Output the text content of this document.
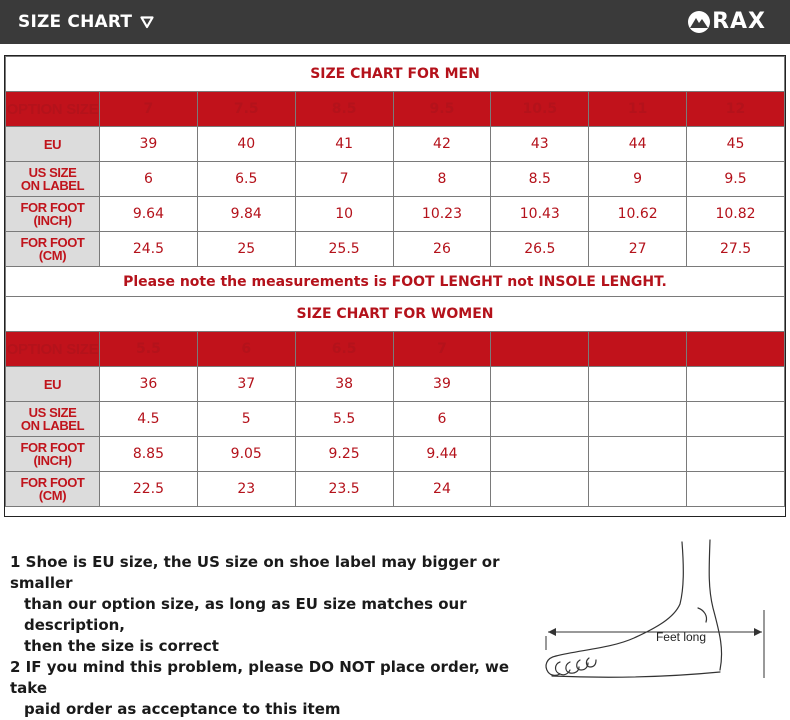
SIZE CHART	RAX
SIZE CHART FOR MEN							

OPTION SIZE	7	7.5	8.5	9.5	10.5	11	12

EU	39	40	41	42	43	44	45

US SIZE
ON LABEL	6	6.5	7	8	8.5	9	9.5

FOR FOOT
(INCH)	9.64	9.84	10	10.23	10.43	10.62	10.82

FOR FOOT
(CM)	24.5	25	25.5	26	26.5	27	27.5
Please note the measurements is FOOT LENGHT not INSOLE LENGHT.							
SIZE CHART FOR WOMEN							

OPTION SIZE	5.5	6	6.5	7			

EU	36	37	38	39			

US SIZE
ON LABEL	4.5	5	5.5	6			

FOR FOOT
(INCH)	8.85	9.05	9.25	9.44			

FOR FOOT
(CM)	22.5	23	23.5	24			

1 Shoe is EU size, the US size on shoe label may bigger or smaller

than our option size, as long as EU size matches our description,

then the size is correct

2 IF you mind this problem, please DO NOT place order, we take

paid order as acceptance to this item

Feet long
